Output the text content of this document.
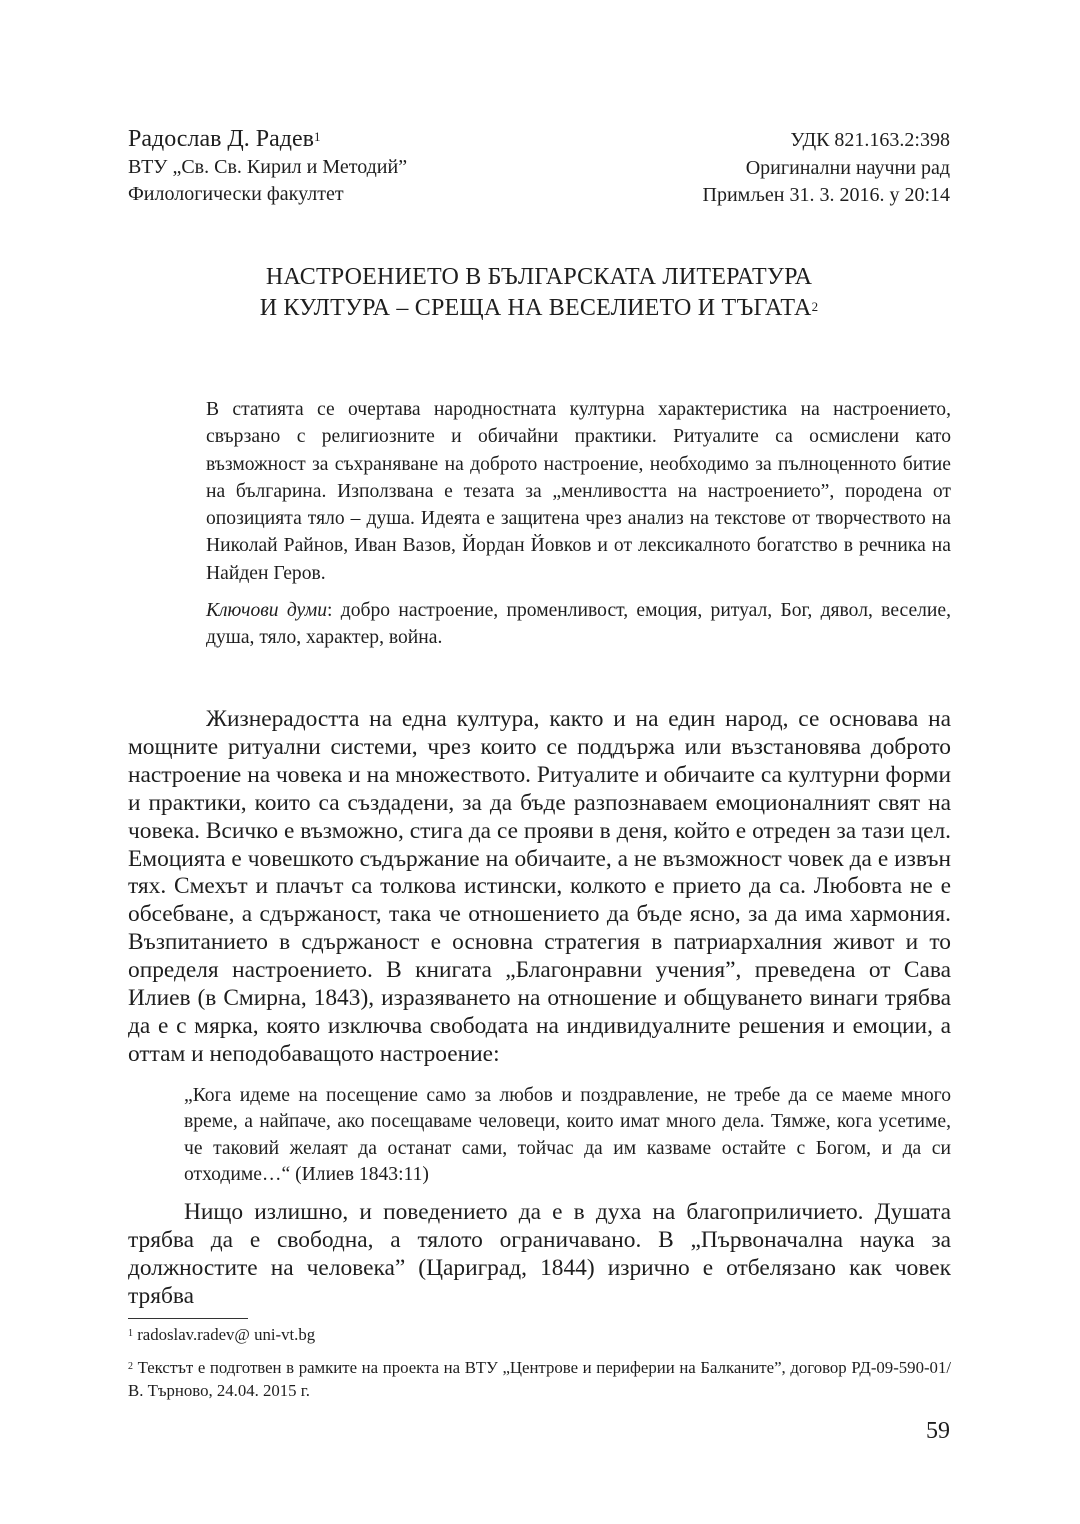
Радослав Д. Радев$^1$
ВТУ „Св. Св. Кирил и Методий”
Филологически факултет
УДК 821.163.2:398
Оригинални научни рад
Примљен 31. 3. 2016. у 20:14
НАСТРОЕНИЕТО В БЪЛГАРСКАТА ЛИТЕРАТУРА
И КУЛТУРА – СРЕЩА НА ВЕСЕЛИЕТО И ТЪГАТА$^2$

В статията се очертава народностната културна характеристика на настроението, свързано с религиозните и обичайни практики. Ритуалите са осмислени като възможност за съхраняване на доброто настроение, необходимо за пълноценното битие на българина. Използвана е тезата за „менливостта на настроението”, породена от опозицията тяло – душа. Идеята е защитена чрез анализ на текстове от творчеството на Николай Райнов, Иван Вазов, Йордан Йовков и от лексикалното богатство в речника на Найден Геров.

Ключови думи: добро настроение, променливост, емоция, ритуал, Бог, дявол, веселие, душа, тяло, характер, война.

Жизнерадостта на една култура, както и на един народ, се основава на мощните ритуални системи, чрез които се поддържа или възстановява доброто настроение на човека и на множеството. Ритуалите и обичаите са културни форми и практики, които са създадени, за да бъде разпознаваем емоционалният свят на човека. Всичко е възможно, стига да се прояви в деня, който е отреден за тази цел. Емоцията е човешкото съдържание на обичаите, а не възможност човек да е извън тях. Смехът и плачът са толкова истински, колкото е прието да са. Любовта не е обсебване, а сдържаност, така че отношението да бъде ясно, за да има хармония. Възпитанието в сдържаност е основна стратегия в патриархалния живот и то определя настроението. В книгата „Благонравни учения”, преведена от Сава Илиев (в Смирна, 1843), изразяването на отношение и общуването винаги трябва да е с мярка, която изключва свободата на индивидуалните решения и емоции, а оттам и неподобаващото настроение:

„Кога идеме на посещение само за любов и поздравление, не требе да се маеме много време, а найпаче, ако посещаваме человеци, които имат много дела. Тямже, кога усетиме, че таковий желаят да останат сами, тойчас да им казваме остайте с Богом, и да си отходиме…“ (Илиев 1843:11)

Нищо излишно, и поведението да е в духа на благоприличието. Душата трябва да е свободна, а тялото ограничавано. В „Първоначална наука за должностите на человека” (Цариград, 1844) изрично е отбелязано как човек трябва

$^1$ radoslav.radev@ uni-vt.bg
$^2$ Текстът е подготвен в рамките на проекта на ВТУ „Центрове и периферии на Балканите”, договор РД-09-590-01/В. Търново, 24.04. 2015 г.
59
